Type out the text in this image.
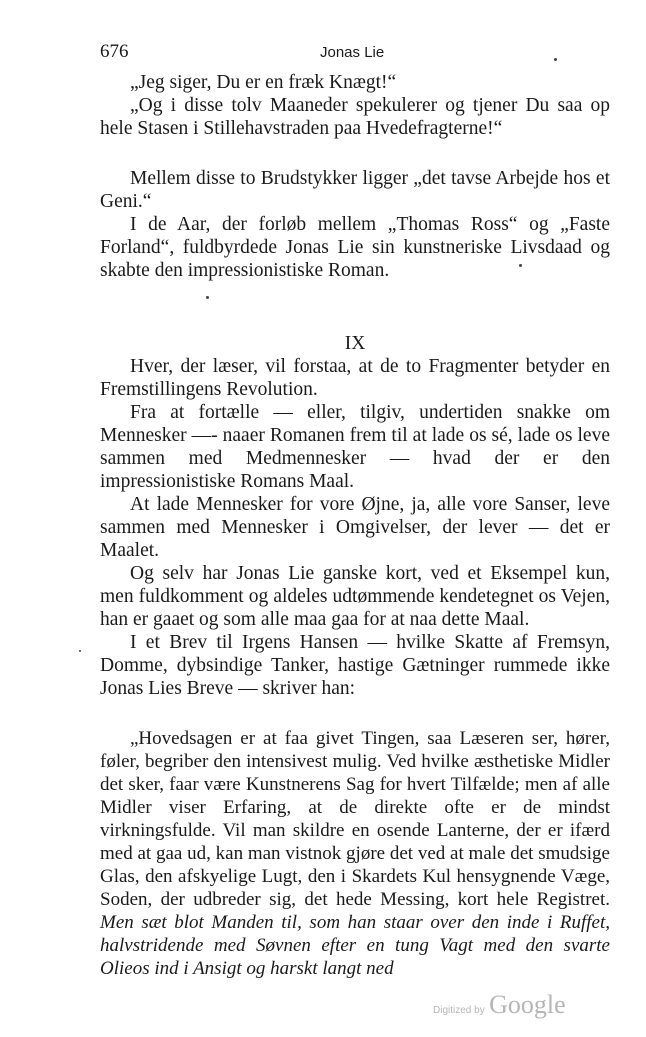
676	Jonas Lie

„Jeg siger, Du er en fræk Knægt!“

„Og i disse tolv Maaneder spekulerer og tjener Du saa op hele Stasen i Stillehavstraden paa Hvedefragterne!“

Mellem disse to Brudstykker ligger „det tavse Arbejde hos et Geni.“

I de Aar, der forløb mellem „Thomas Ross“ og „Faste Forland“, fuldbyrdede Jonas Lie sin kunstneriske Livsdaad og skabte den impressionistiske Roman.

IX

Hver, der læser, vil forstaa, at de to Fragmenter betyder en Fremstillingens Revolution.

Fra at fortælle — eller, tilgiv, undertiden snakke om Mennesker —- naaer Romanen frem til at lade os sé, lade os leve sammen med Medmennesker — hvad der er den impressionistiske Romans Maal.

At lade Mennesker for vore Øjne, ja, alle vore Sanser, leve sammen med Mennesker i Omgivelser, der lever — det er Maalet.

Og selv har Jonas Lie ganske kort, ved et Eksempel kun, men fuldkomment og aldeles udtømmende kendetegnet os Vejen, han er gaaet og som alle maa gaa for at naa dette Maal.

I et Brev til Irgens Hansen — hvilke Skatte af Fremsyn, Domme, dybsindige Tanker, hastige Gætninger rummede ikke Jonas Lies Breve — skriver han:

„Hovedsagen er at faa givet Tingen, saa Læseren ser, hører, føler, begriber den intensivest mulig. Ved hvilke æsthetiske Midler det sker, faar være Kunstnerens Sag for hvert Tilfælde; men af alle Midler viser Erfaring, at de direkte ofte er de mindst virkningsfulde. Vil man skildre en osende Lanterne, der er ifærd med at gaa ud, kan man vistnok gjøre det ved at male det smudsige Glas, den afskyelige Lugt, den i Skardets Kul hensygnende Væge, Soden, der udbreder sig, det hede Messing, kort hele Registret. Men sæt blot Manden til, som han staar over den inde i Ruffet, halvstridende med Søvnen efter en tung Vagt med den svarte Olieos ind i Ansigt og harskt langt ned

Digitized by Google
